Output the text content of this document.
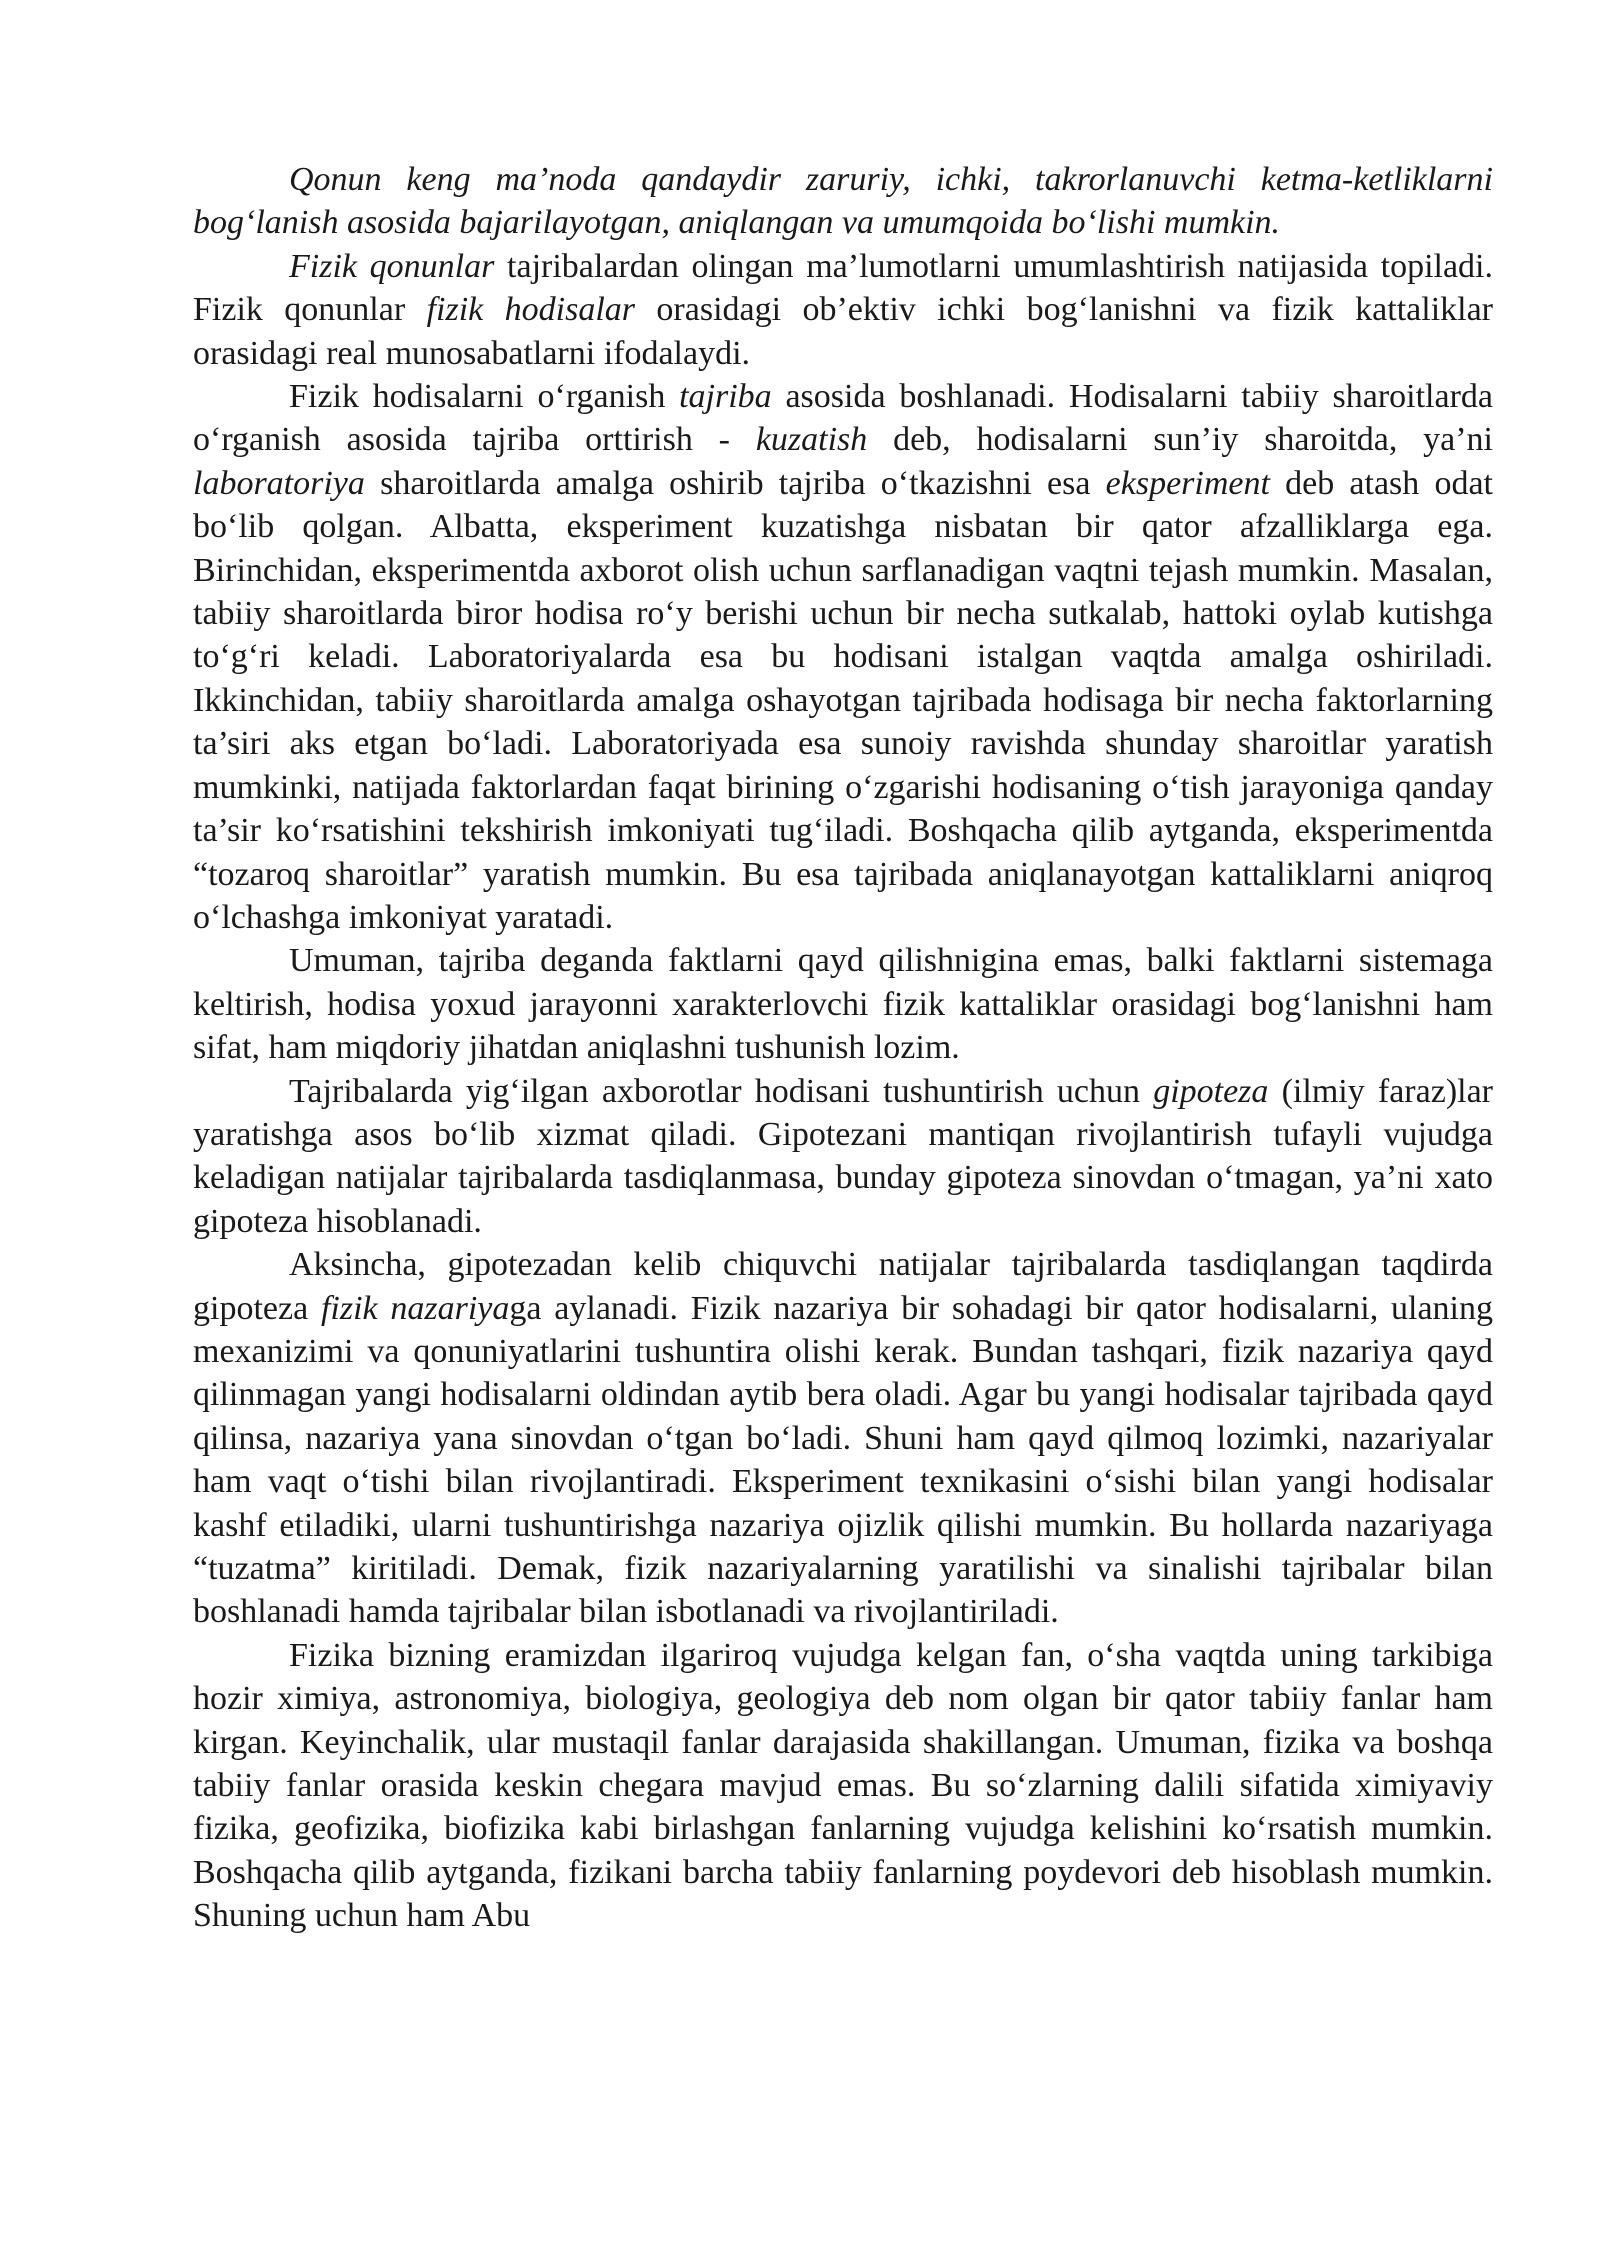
Qonun keng ma’noda qandaydir zaruriy, ichki, takrorlanuvchi ketma-ketliklarni bog‘lanish asosida bajarilayotgan, aniqlangan va umumqoida bo‘lishi mumkin.

Fizik qonunlar tajribalardan olingan ma’lumotlarni umumlashtirish natijasida topiladi. Fizik qonunlar fizik hodisalar orasidagi ob’ektiv ichki bog‘lanishni va fizik kattaliklar orasidagi real munosabatlarni ifodalaydi.

Fizik hodisalarni o‘rganish tajriba asosida boshlanadi. Hodisalarni tabiiy sharoitlarda o‘rganish asosida tajriba orttirish - kuzatish deb, hodisalarni sun’iy sharoitda, ya’ni laboratoriya sharoitlarda amalga oshirib tajriba o‘tkazishni esa eksperiment deb atash odat bo‘lib qolgan. Albatta, eksperiment kuzatishga nisbatan bir qator afzalliklarga ega. Birinchidan, eksperimentda axborot olish uchun sarflanadigan vaqtni tejash mumkin. Masalan, tabiiy sharoitlarda biror hodisa ro‘y berishi uchun bir necha sutkalab, hattoki oylab kutishga to‘g‘ri keladi. Laboratoriyalarda esa bu hodisani istalgan vaqtda amalga oshiriladi. Ikkinchidan, tabiiy sharoitlarda amalga oshayotgan tajribada hodisaga bir necha faktorlarning ta’siri aks etgan bo‘ladi. Laboratoriyada esa sunoiy ravishda shunday sharoitlar yaratish mumkinki, natijada faktorlardan faqat birining o‘zgarishi hodisaning o‘tish jarayoniga qanday ta’sir ko‘rsatishini tekshirish imkoniyati tug‘iladi. Boshqacha qilib aytganda, eksperimentda “tozaroq sharoitlar” yaratish mumkin. Bu esa tajribada aniqlanayotgan kattaliklarni aniqroq o‘lchashga imkoniyat yaratadi.

Umuman, tajriba deganda faktlarni qayd qilishnigina emas, balki faktlarni sistemaga keltirish, hodisa yoxud jarayonni xarakterlovchi fizik kattaliklar orasidagi bog‘lanishni ham sifat, ham miqdoriy jihatdan aniqlashni tushunish lozim.

Tajribalarda yig‘ilgan axborotlar hodisani tushuntirish uchun gipoteza (ilmiy faraz)lar yaratishga asos bo‘lib xizmat qiladi. Gipotezani mantiqan rivojlantirish tufayli vujudga keladigan natijalar tajribalarda tasdiqlanmasa, bunday gipoteza sinovdan o‘tmagan, ya’ni xato gipoteza hisoblanadi.

Aksincha, gipotezadan kelib chiquvchi natijalar tajribalarda tasdiqlangan taqdirda gipoteza fizik nazariyaga aylanadi. Fizik nazariya bir sohadagi bir qator hodisalarni, ulaning mexanizimi va qonuniyatlarini tushuntira olishi kerak. Bundan tashqari, fizik nazariya qayd qilinmagan yangi hodisalarni oldindan aytib bera oladi. Agar bu yangi hodisalar tajribada qayd qilinsa, nazariya yana sinovdan o‘tgan bo‘ladi. Shuni ham qayd qilmoq lozimki, nazariyalar ham vaqt o‘tishi bilan rivojlantiradi. Eksperiment texnikasini o‘sishi bilan yangi hodisalar kashf etiladiki, ularni tushuntirishga nazariya ojizlik qilishi mumkin. Bu hollarda nazariyaga “tuzatma” kiritiladi. Demak, fizik nazariyalarning yaratilishi va sinalishi tajribalar bilan boshlanadi hamda tajribalar bilan isbotlanadi va rivojlantiriladi.

Fizika bizning eramizdan ilgariroq vujudga kelgan fan, o‘sha vaqtda uning tarkibiga hozir ximiya, astronomiya, biologiya, geologiya deb nom olgan bir qator tabiiy fanlar ham kirgan. Keyinchalik, ular mustaqil fanlar darajasida shakillangan. Umuman, fizika va boshqa tabiiy fanlar orasida keskin chegara mavjud emas. Bu so‘zlarning dalili sifatida ximiyaviy fizika, geofizika, biofizika kabi birlashgan fanlarning vujudga kelishini ko‘rsatish mumkin. Boshqacha qilib aytganda, fizikani barcha tabiiy fanlarning poydevori deb hisoblash mumkin. Shuning uchun ham Abu
